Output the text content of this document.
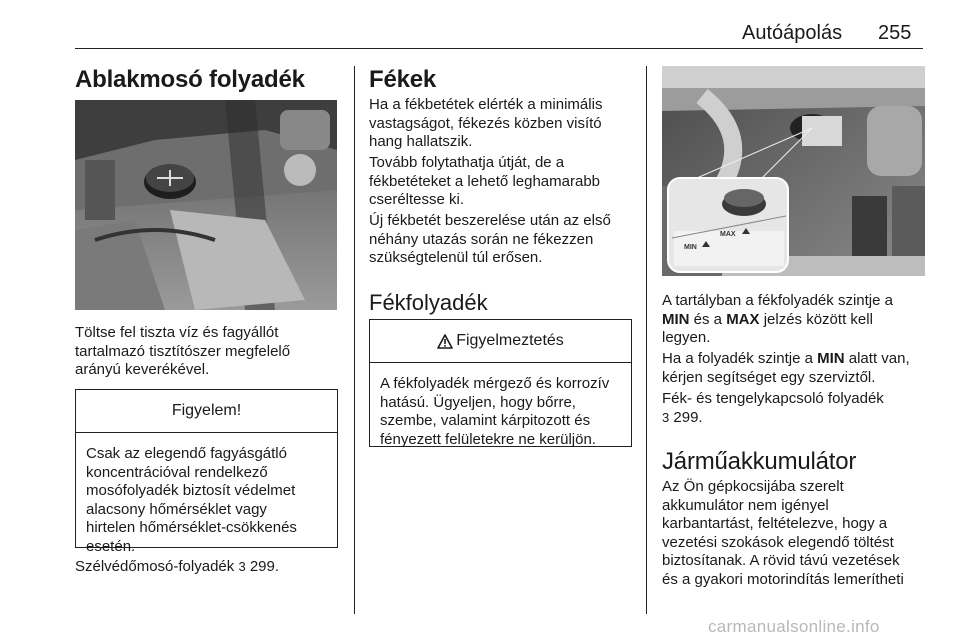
Autóápolás 255
Ablakmosó folyadék
Töltse fel tiszta víz és fagyállót
tartalmazó tisztítószer megfelelő
arányú keverékével.
Figyelem!
Csak az elegendő fagyásgátló
koncentrációval rendelkező
mosófolyadék biztosít védelmet
alacsony hőmérséklet vagy
hirtelen hőmérséklet-csökkenés
esetén.
Szélvédőmosó-folyadék 3 299.
Fékek
Ha a fékbetétek elérték a minimális
vastagságot, fékezés közben visító
hang hallatszik.
Tovább folytathatja útját, de a
fékbetéteket a lehető leghamarabb
cseréltesse ki.
Új fékbetét beszerelése után az első
néhány utazás során ne fékezzen
szükségtelenül túl erősen.
Fékfolyadék
Figyelmeztetés
A fékfolyadék mérgező és korrozív
hatású. Ügyeljen, hogy bőrre,
szembe, valamint kárpitozott és
fényezett felületekre ne kerüljön.
MAX
MIN
A tartályban a fékfolyadék szintje a
MIN és a MAX jelzés között kell
legyen.
Ha a folyadék szintje a MIN alatt van,
kérjen segítséget egy szerviztől.
Fék- és tengelykapcsoló folyadék
3 299.
Járműakkumulátor
Az Ön gépkocsijába szerelt
akkumulátor nem igényel
karbantartást, feltételezve, hogy a
vezetési szokások elegendő töltést
biztosítanak. A rövid távú vezetések
és a gyakori motorindítás lemerítheti
carmanualsonline.info
